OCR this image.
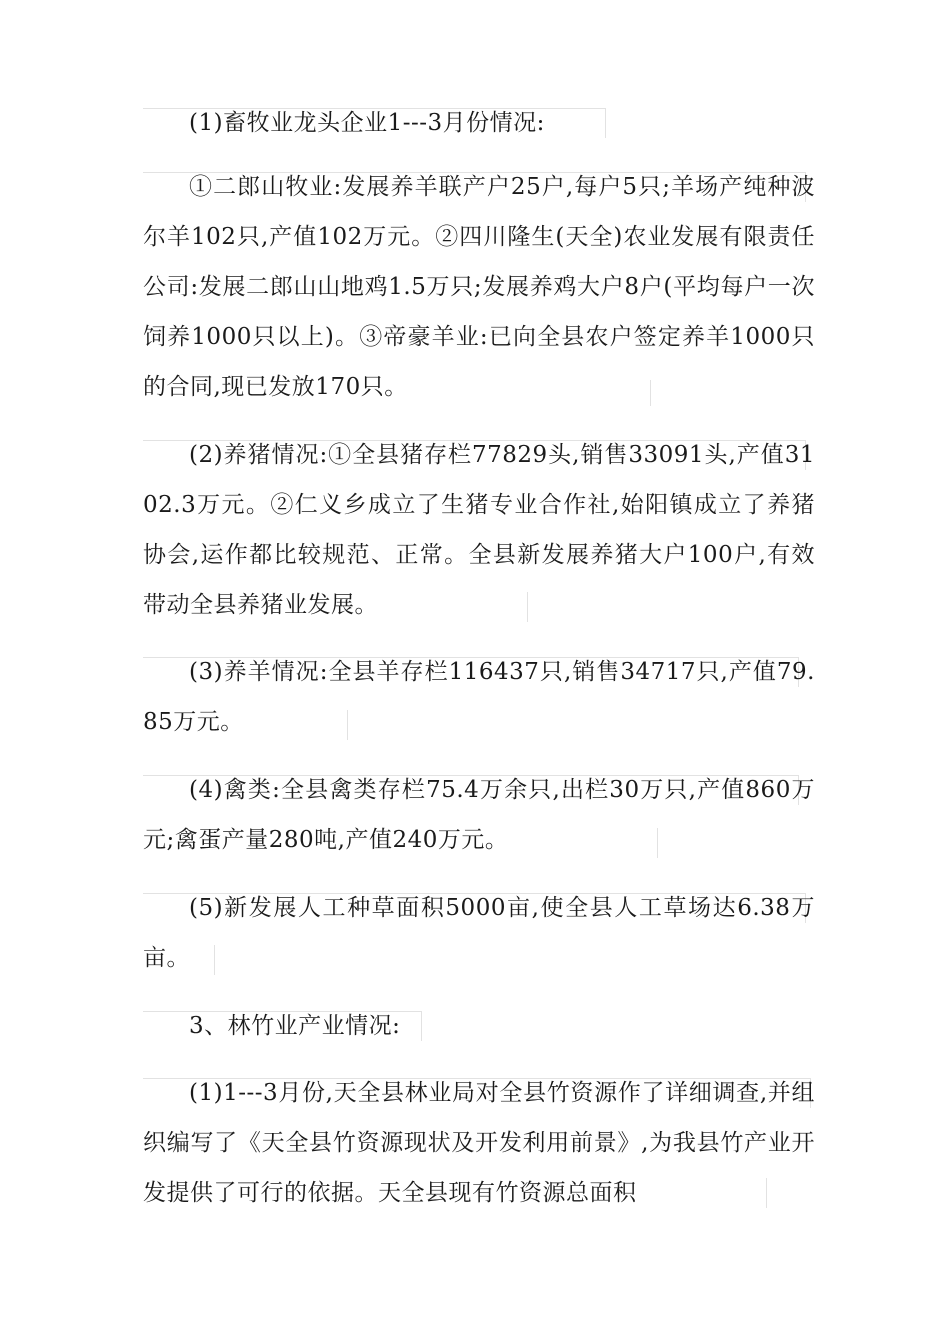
(1)畜牧业龙头企业1---3月份情况:

①二郎山牧业:发展养羊联产户25户,每户5只;羊场产纯种波尔羊102只,产值102万元。②四川隆生(天全)农业发展有限责任公司:发展二郎山山地鸡1.5万只;发展养鸡大户8户(平均每户一次饲养1000只以上)。③帝豪羊业:已向全县农户签定养羊1000只的合同,现已发放170只。

(2)养猪情况:①全县猪存栏77829头,销售33091头,产值3102.3万元。②仁义乡成立了生猪专业合作社,始阳镇成立了养猪协会,运作都比较规范、正常。全县新发展养猪大户100户,有效带动全县养猪业发展。

(3)养羊情况:全县羊存栏116437只,销售34717只,产值79.85万元。

(4)禽类:全县禽类存栏75.4万余只,出栏30万只,产值860万元;禽蛋产量280吨,产值240万元。

(5)新发展人工种草面积5000亩,使全县人工草场达6.38万亩。

3、林竹业产业情况:

(1)1---3月份,天全县林业局对全县竹资源作了详细调查,并组织编写了《天全县竹资源现状及开发利用前景》,为我县竹产业开发提供了可行的依据。天全县现有竹资源总面积
